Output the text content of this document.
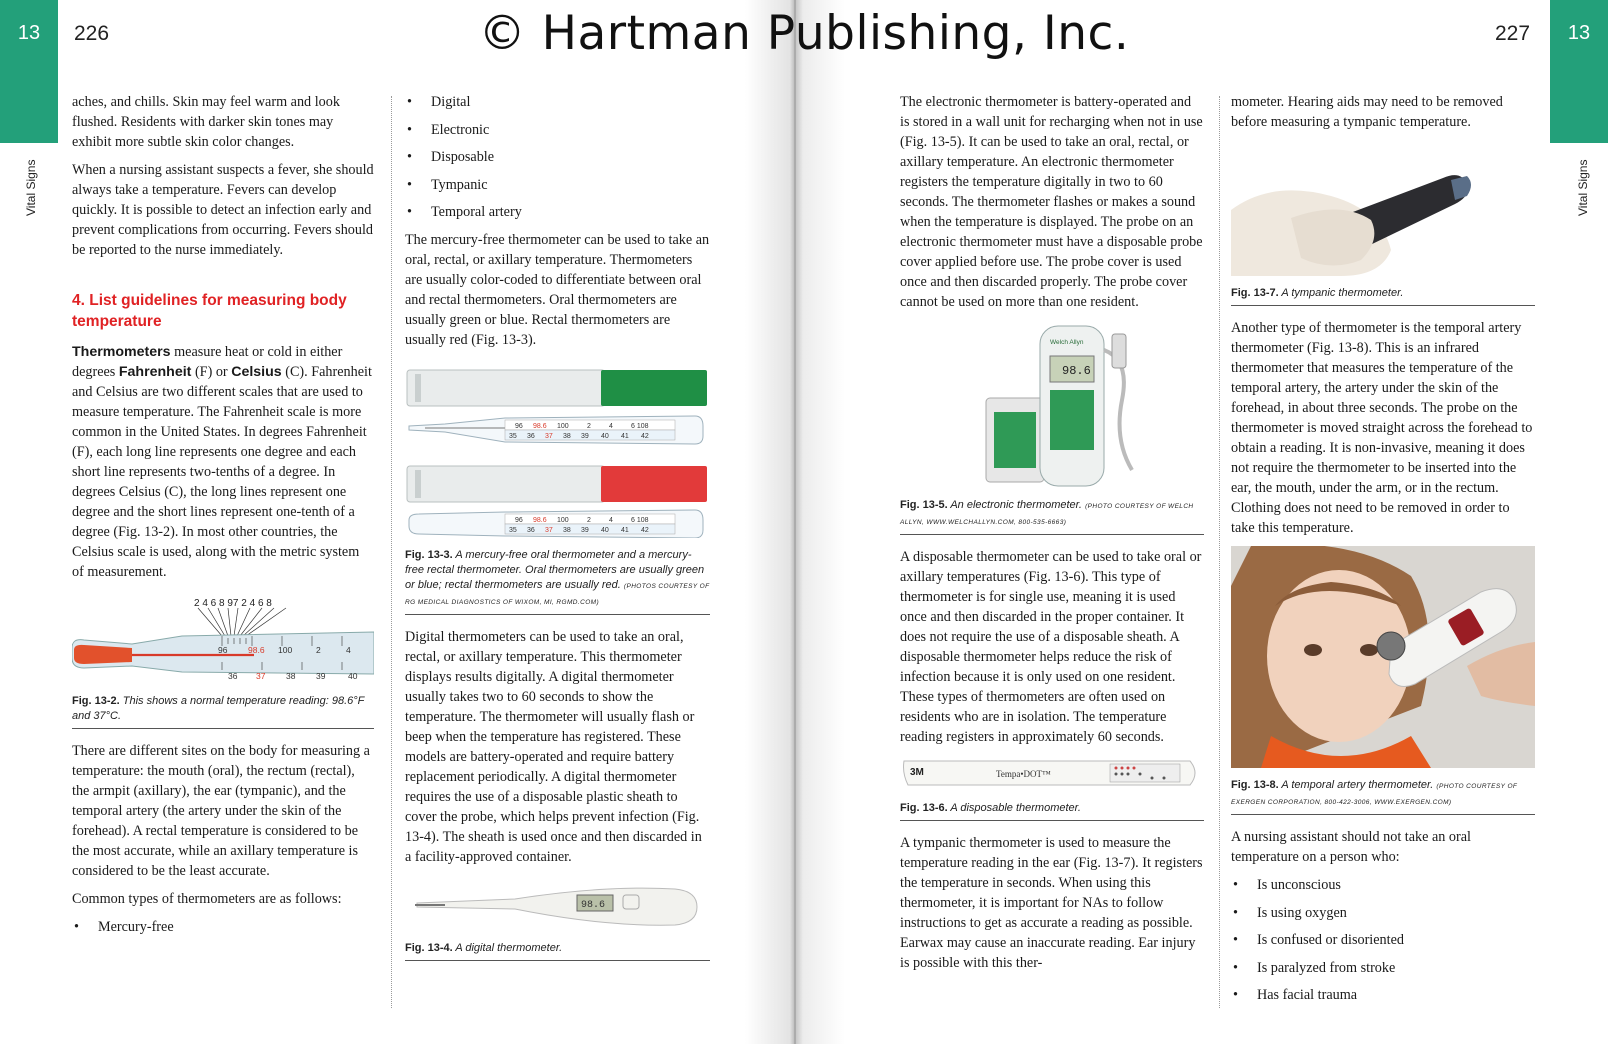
13	226	13
227
Vital Signs	Vital Signs
© Hartman Publishing, Inc.

aches, and chills. Skin may feel warm and look flushed. Residents with darker skin tones may exhibit more subtle skin color changes.

When a nursing assistant suspects a fever, she should always take a temperature. Fevers can develop quickly. It is possible to detect an infection early and prevent complications from occurring. Fevers should be reported to the nurse immediately.

4. List guidelines for measuring body temperature

Thermometers measure heat or cold in either degrees Fahrenheit (F) or Celsius (C). Fahrenheit and Celsius are two different scales that are used to measure temperature. The Fahrenheit scale is more common in the United States. In degrees Fahrenheit (F), each long line represents one degree and each short line represents two-tenths of a degree. In degrees Celsius (C), the long lines represent one degree and the short lines represent one-tenth of a degree (Fig. 13-2). In most other countries, the Celsius scale is used, along with the metric system of measurement.

2 4 6 8 97 2 4 6 8
96 98.6 100	2	4
36 37 38 39	40
Fig. 13-2. This shows a normal temperature reading: 98.6°F and 37°C.

There are different sites on the body for measuring a temperature: the mouth (oral), the rectum (rectal), the armpit (axillary), the ear (tympanic), and the temporal artery (the artery under the skin of the forehead). A rectal temperature is considered to be the most accurate, while an axillary temperature is considered to be the least accurate.

Common types of thermometers are as follows:

• Mercury-free
• Digital
• Electronic
• Disposable
• Tympanic
• Temporal artery

The mercury-free thermometer can be used to take an oral, rectal, or axillary temperature. Thermometers are usually color-coded to differentiate between oral and rectal thermometers. Oral thermometers are usually green or blue. Rectal thermometers are usually red (Fig. 13-3).

96 98.6 100	2	4	6 108
35 36 37 38 39 40 41 42
96 98.6 100	2	4	6 108
35 36 37 38 39 40 41 42
Fig. 13-3. A mercury-free oral thermometer and a mercury-free rectal thermometer. Oral thermometers are usually green or blue; rectal thermometers are usually red. (PHOTOS COURTESY OF RG MEDICAL DIAGNOSTICS OF WIXOM, MI, RGMD.COM)

Digital thermometers can be used to take an oral, rectal, or axillary temperature. This thermometer displays results digitally. A digital thermometer usually takes two to 60 seconds to show the temperature. The thermometer will usually flash or beep when the temperature has registered. These models are battery-operated and require battery replacement periodically. A digital thermometer requires the use of a disposable plastic sheath to cover the probe, which helps prevent infection (Fig. 13-4). The sheath is used once and then discarded in a facility-approved container.

98.6
Fig. 13-4. A digital thermometer.

The electronic thermometer is battery-operated and is stored in a wall unit for recharging when not in use (Fig. 13-5). It can be used to take an oral, rectal, or axillary temperature. An electronic thermometer registers the temperature digitally in two to 60 seconds. The thermometer flashes or makes a sound when the temperature is displayed. The probe on an electronic thermometer must have a disposable probe cover applied before use. The probe cover is used once and then discarded properly. The probe cover cannot be used on more than one resident.

98.6
Welch Allyn
Fig. 13-5. An electronic thermometer. (PHOTO COURTESY OF WELCH ALLYN, WWW.WELCHALLYN.COM, 800-535-6663)

A disposable thermometer can be used to take oral or axillary temperatures (Fig. 13-6). This type of thermometer is for single use, meaning it is used once and then discarded in the proper container. It does not require the use of a disposable sheath. A disposable thermometer helps reduce the risk of infection because it is only used on one resident. These types of thermometers are often used on residents who are in isolation. The temperature reading registers in approximately 60 seconds.

3M	Tempa•DOT™
Fig. 13-6. A disposable thermometer.

A tympanic thermometer is used to measure the temperature reading in the ear (Fig. 13-7). It registers the temperature in seconds. When using this thermometer, it is important for NAs to follow instructions to get as accurate a reading as possible. Earwax may cause an inaccurate reading. Ear injury is possible with this ther-

mometer. Hearing aids may need to be removed before measuring a tympanic temperature.

Fig. 13-7. A tympanic thermometer.

Another type of thermometer is the temporal artery thermometer (Fig. 13-8). This is an infrared thermometer that measures the temperature of the temporal artery, the artery under the skin of the forehead, in about three seconds. The probe on the thermometer is moved straight across the forehead to obtain a reading. It is non-invasive, meaning it does not require the thermometer to be inserted into the ear, the mouth, under the arm, or in the rectum. Clothing does not need to be removed in order to take this temperature.

Fig. 13-8. A temporal artery thermometer. (PHOTO COURTESY OF EXERGEN CORPORATION, 800-422-3006, WWW.EXERGEN.COM)

A nursing assistant should not take an oral temperature on a person who:

• Is unconscious
• Is using oxygen
• Is confused or disoriented
• Is paralyzed from stroke
• Has facial trauma
